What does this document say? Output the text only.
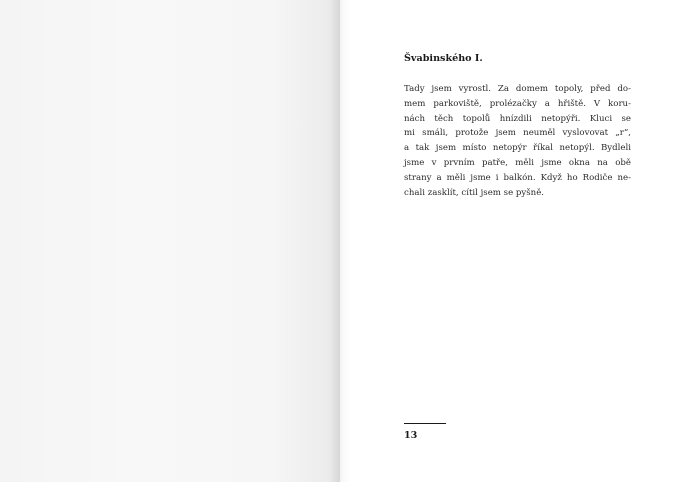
Švabinského I.
Tady jsem vyrostl. Za domem topoly, před do-
mem parkoviště, prolézačky a hřiště. V koru-
nách těch topolů hnízdili netopýři. Kluci se
mi smáli, protože jsem neuměl vyslovovat „r“,
a tak jsem místo netopýr říkal netopýl. Bydleli
jsme v prvním patře, měli jsme okna na obě
strany a měli jsme i balkón. Když ho Rodiče ne-
chali zasklít, cítil jsem se pyšně.
13
